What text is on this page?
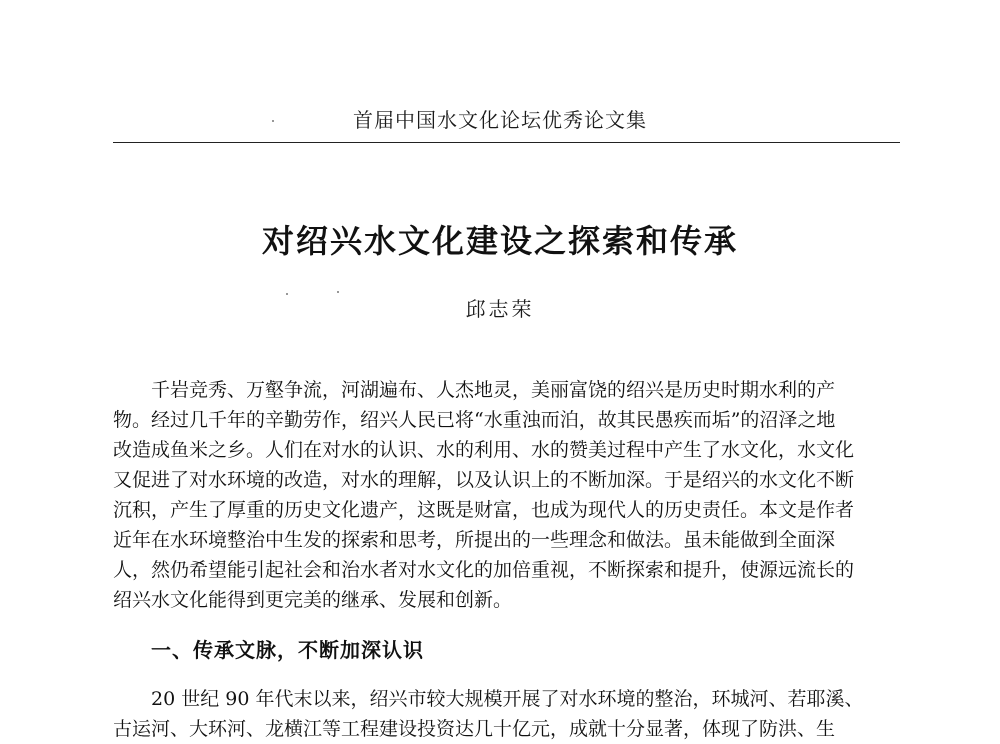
首届中国水文化论坛优秀论文集
对绍兴水文化建设之探索和传承
邱志荣
千岩竞秀、万壑争流，河湖遍布、人杰地灵，美丽富饶的绍兴是历史时期水利的产
物。经过几千年的辛勤劳作，绍兴人民已将“水重浊而泊，故其民愚疾而垢”的沼泽之地
改造成鱼米之乡。人们在对水的认识、水的利用、水的赞美过程中产生了水文化，水文化
又促进了对水环境的改造，对水的理解，以及认识上的不断加深。于是绍兴的水文化不断
沉积，产生了厚重的历史文化遗产，这既是财富，也成为现代人的历史责任。本文是作者
近年在水环境整治中生发的探索和思考，所提出的一些理念和做法。虽未能做到全面深
人，然仍希望能引起社会和治水者对水文化的加倍重视，不断探索和提升，使源远流长的
绍兴水文化能得到更完美的继承、发展和创新。
一、传承文脉，不断加深认识
20 世纪 90 年代末以来，绍兴市较大规模开展了对水环境的整治，环城河、若耶溪、
古运河、大环河、龙横江等工程建设投资达几十亿元，成就十分显著，体现了防洪、生
